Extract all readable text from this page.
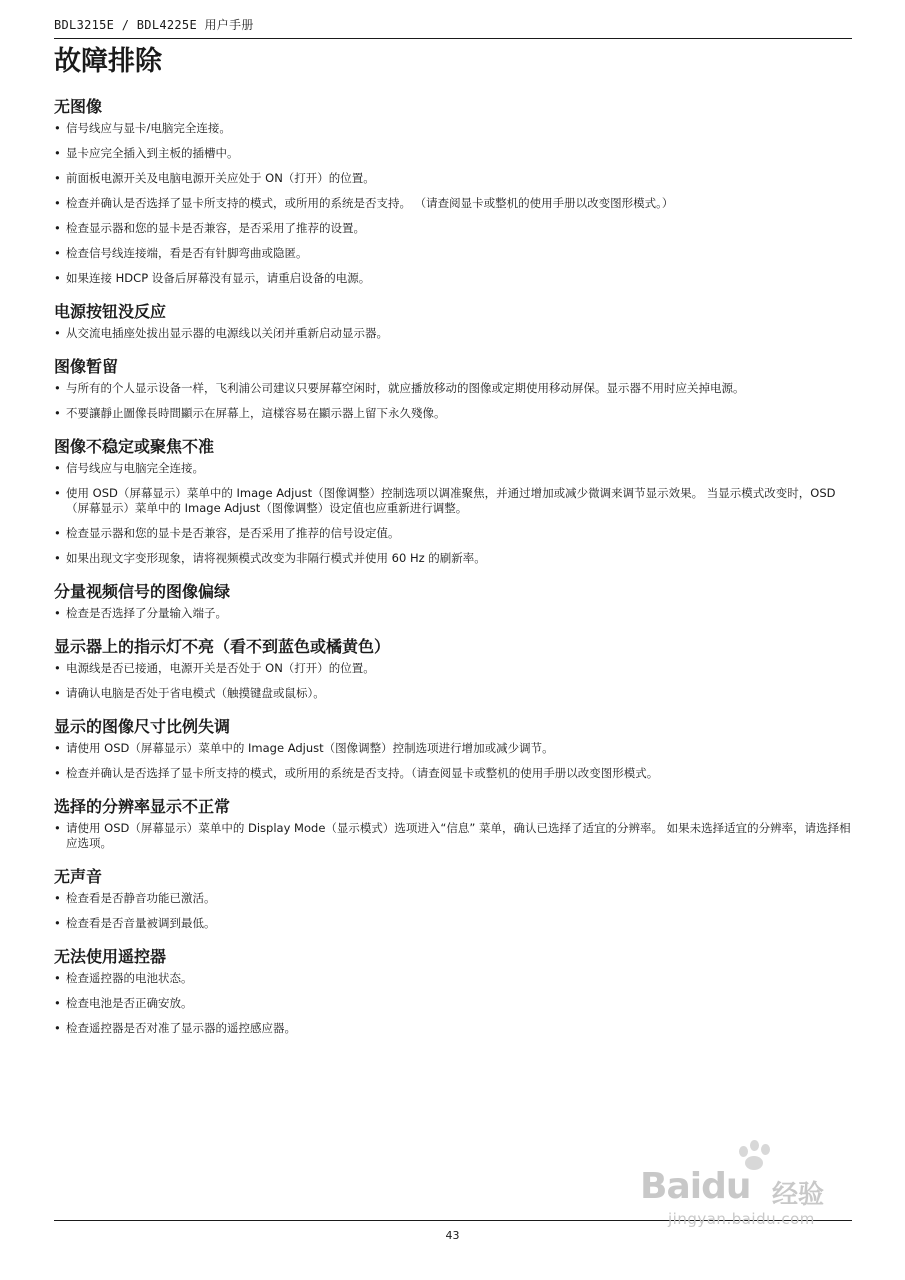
BDL3215E / BDL4225E 用户手册
故障排除
无图像
• 信号线应与显卡/电脑完全连接。
• 显卡应完全插入到主板的插槽中。
• 前面板电源开关及电脑电源开关应处于 ON（打开）的位置。
• 检查并确认是否选择了显卡所支持的模式，或所用的系统是否支持。 （请查阅显卡或整机的使用手册以改变图形模式。）
• 检查显示器和您的显卡是否兼容，是否采用了推荐的设置。
• 检查信号线连接端，看是否有针脚弯曲或隐匿。
• 如果连接 HDCP 设备后屏幕没有显示，请重启设备的电源。
电源按钮没反应
• 从交流电插座处拔出显示器的电源线以关闭并重新启动显示器。
图像暂留
• 与所有的个人显示设备一样，飞利浦公司建议只要屏幕空闲时，就应播放移动的图像或定期使用移动屏保。显示器不用时应关掉电源。
• 不要讓靜止圖像長時間顯示在屏幕上，這樣容易在顯示器上留下永久殘像。
图像不稳定或聚焦不准
• 信号线应与电脑完全连接。
• 使用 OSD（屏幕显示）菜单中的 Image Adjust（图像调整）控制选项以调准聚焦，并通过增加或减少微调来调节显示效果。 当显示模式改变时，OSD（屏幕显示）菜单中的 Image Adjust（图像调整）设定值也应重新进行调整。
• 检查显示器和您的显卡是否兼容，是否采用了推荐的信号设定值。
• 如果出现文字变形现象，请将视频模式改变为非隔行模式并使用 60 Hz 的刷新率。
分量视频信号的图像偏绿
• 检查是否选择了分量输入端子。
显示器上的指示灯不亮（看不到蓝色或橘黄色）
• 电源线是否已接通，电源开关是否处于 ON（打开）的位置。
• 请确认电脑是否处于省电模式（触摸键盘或鼠标）。
显示的图像尺寸比例失调
• 请使用 OSD（屏幕显示）菜单中的 Image Adjust（图像调整）控制选项进行增加或减少调节。
• 检查并确认是否选择了显卡所支持的模式，或所用的系统是否支持。（请查阅显卡或整机的使用手册以改变图形模式。
选择的分辨率显示不正常
• 请使用 OSD（屏幕显示）菜单中的 Display Mode（显示模式）选项进入“信息” 菜单，确认已选择了适宜的分辨率。 如果未选择适宜的分辨率，请选择相应选项。
无声音
• 检查看是否静音功能已激活。
• 检查看是否音量被调到最低。
无法使用遥控器
• 检查遥控器的电池状态。
• 检查电池是否正确安放。
• 检查遥控器是否对准了显示器的遥控感应器。
43
Baidu 经验
jingyan.baidu.com
